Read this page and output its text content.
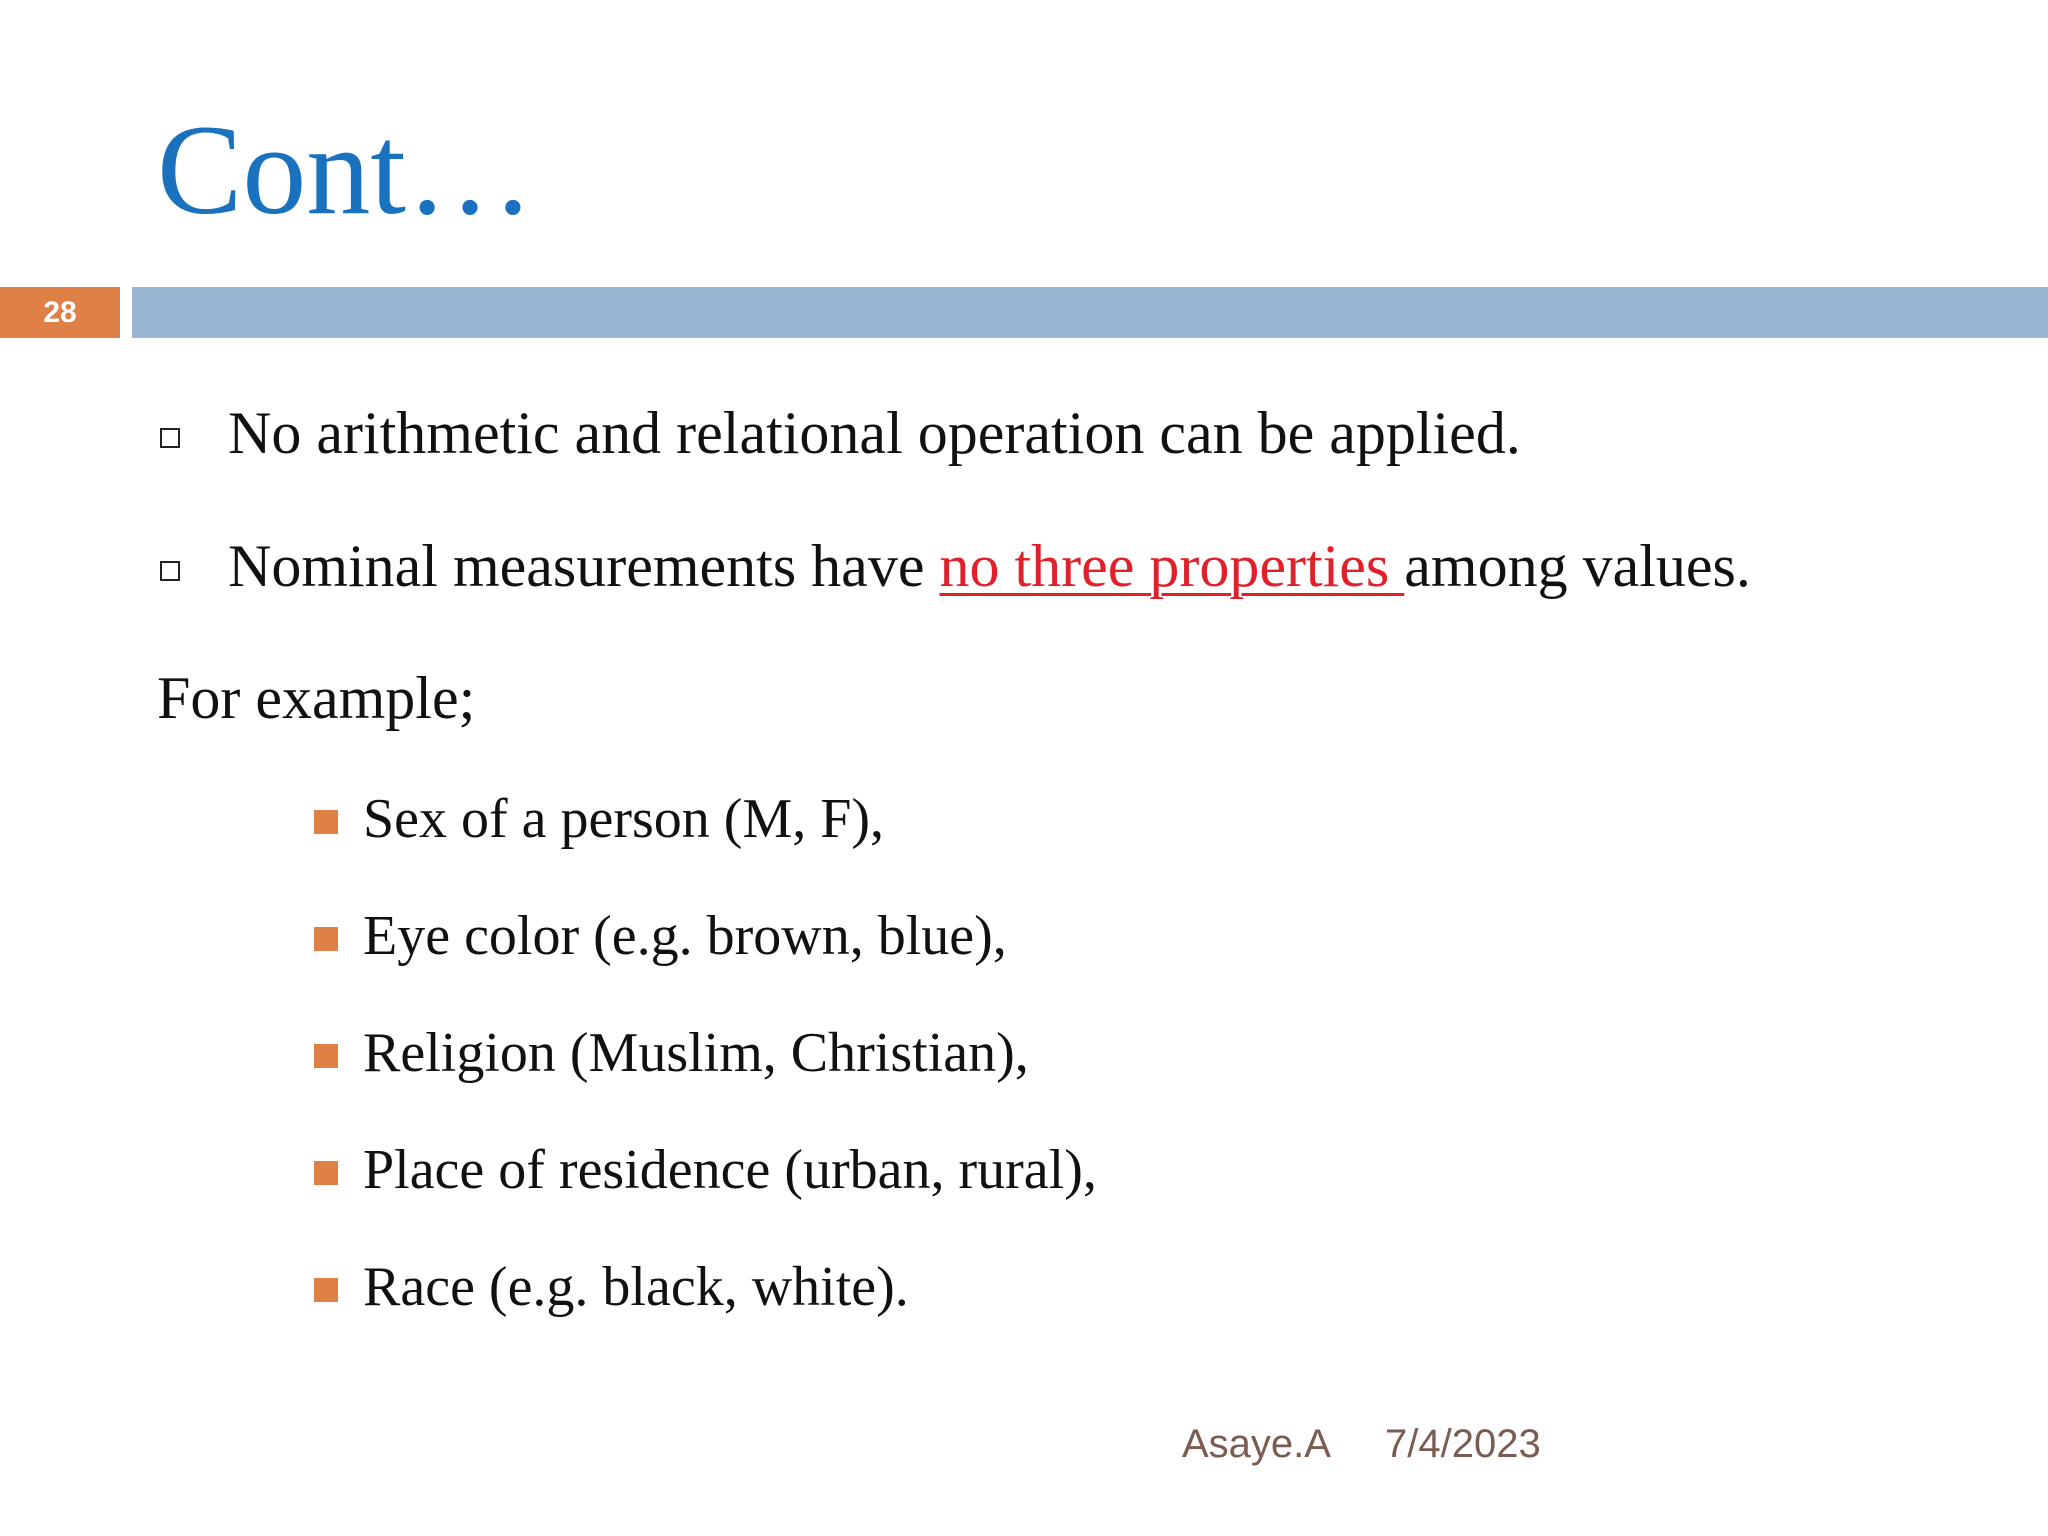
Cont…
28
No arithmetic and relational operation can be applied.
Nominal measurements have no three properties among values.
For example;
Sex of a person (M, F),
Eye color (e.g. brown, blue),
Religion (Muslim, Christian),
Place of residence (urban, rural),
Race (e.g. black, white).
Asaye.A 7/4/2023
